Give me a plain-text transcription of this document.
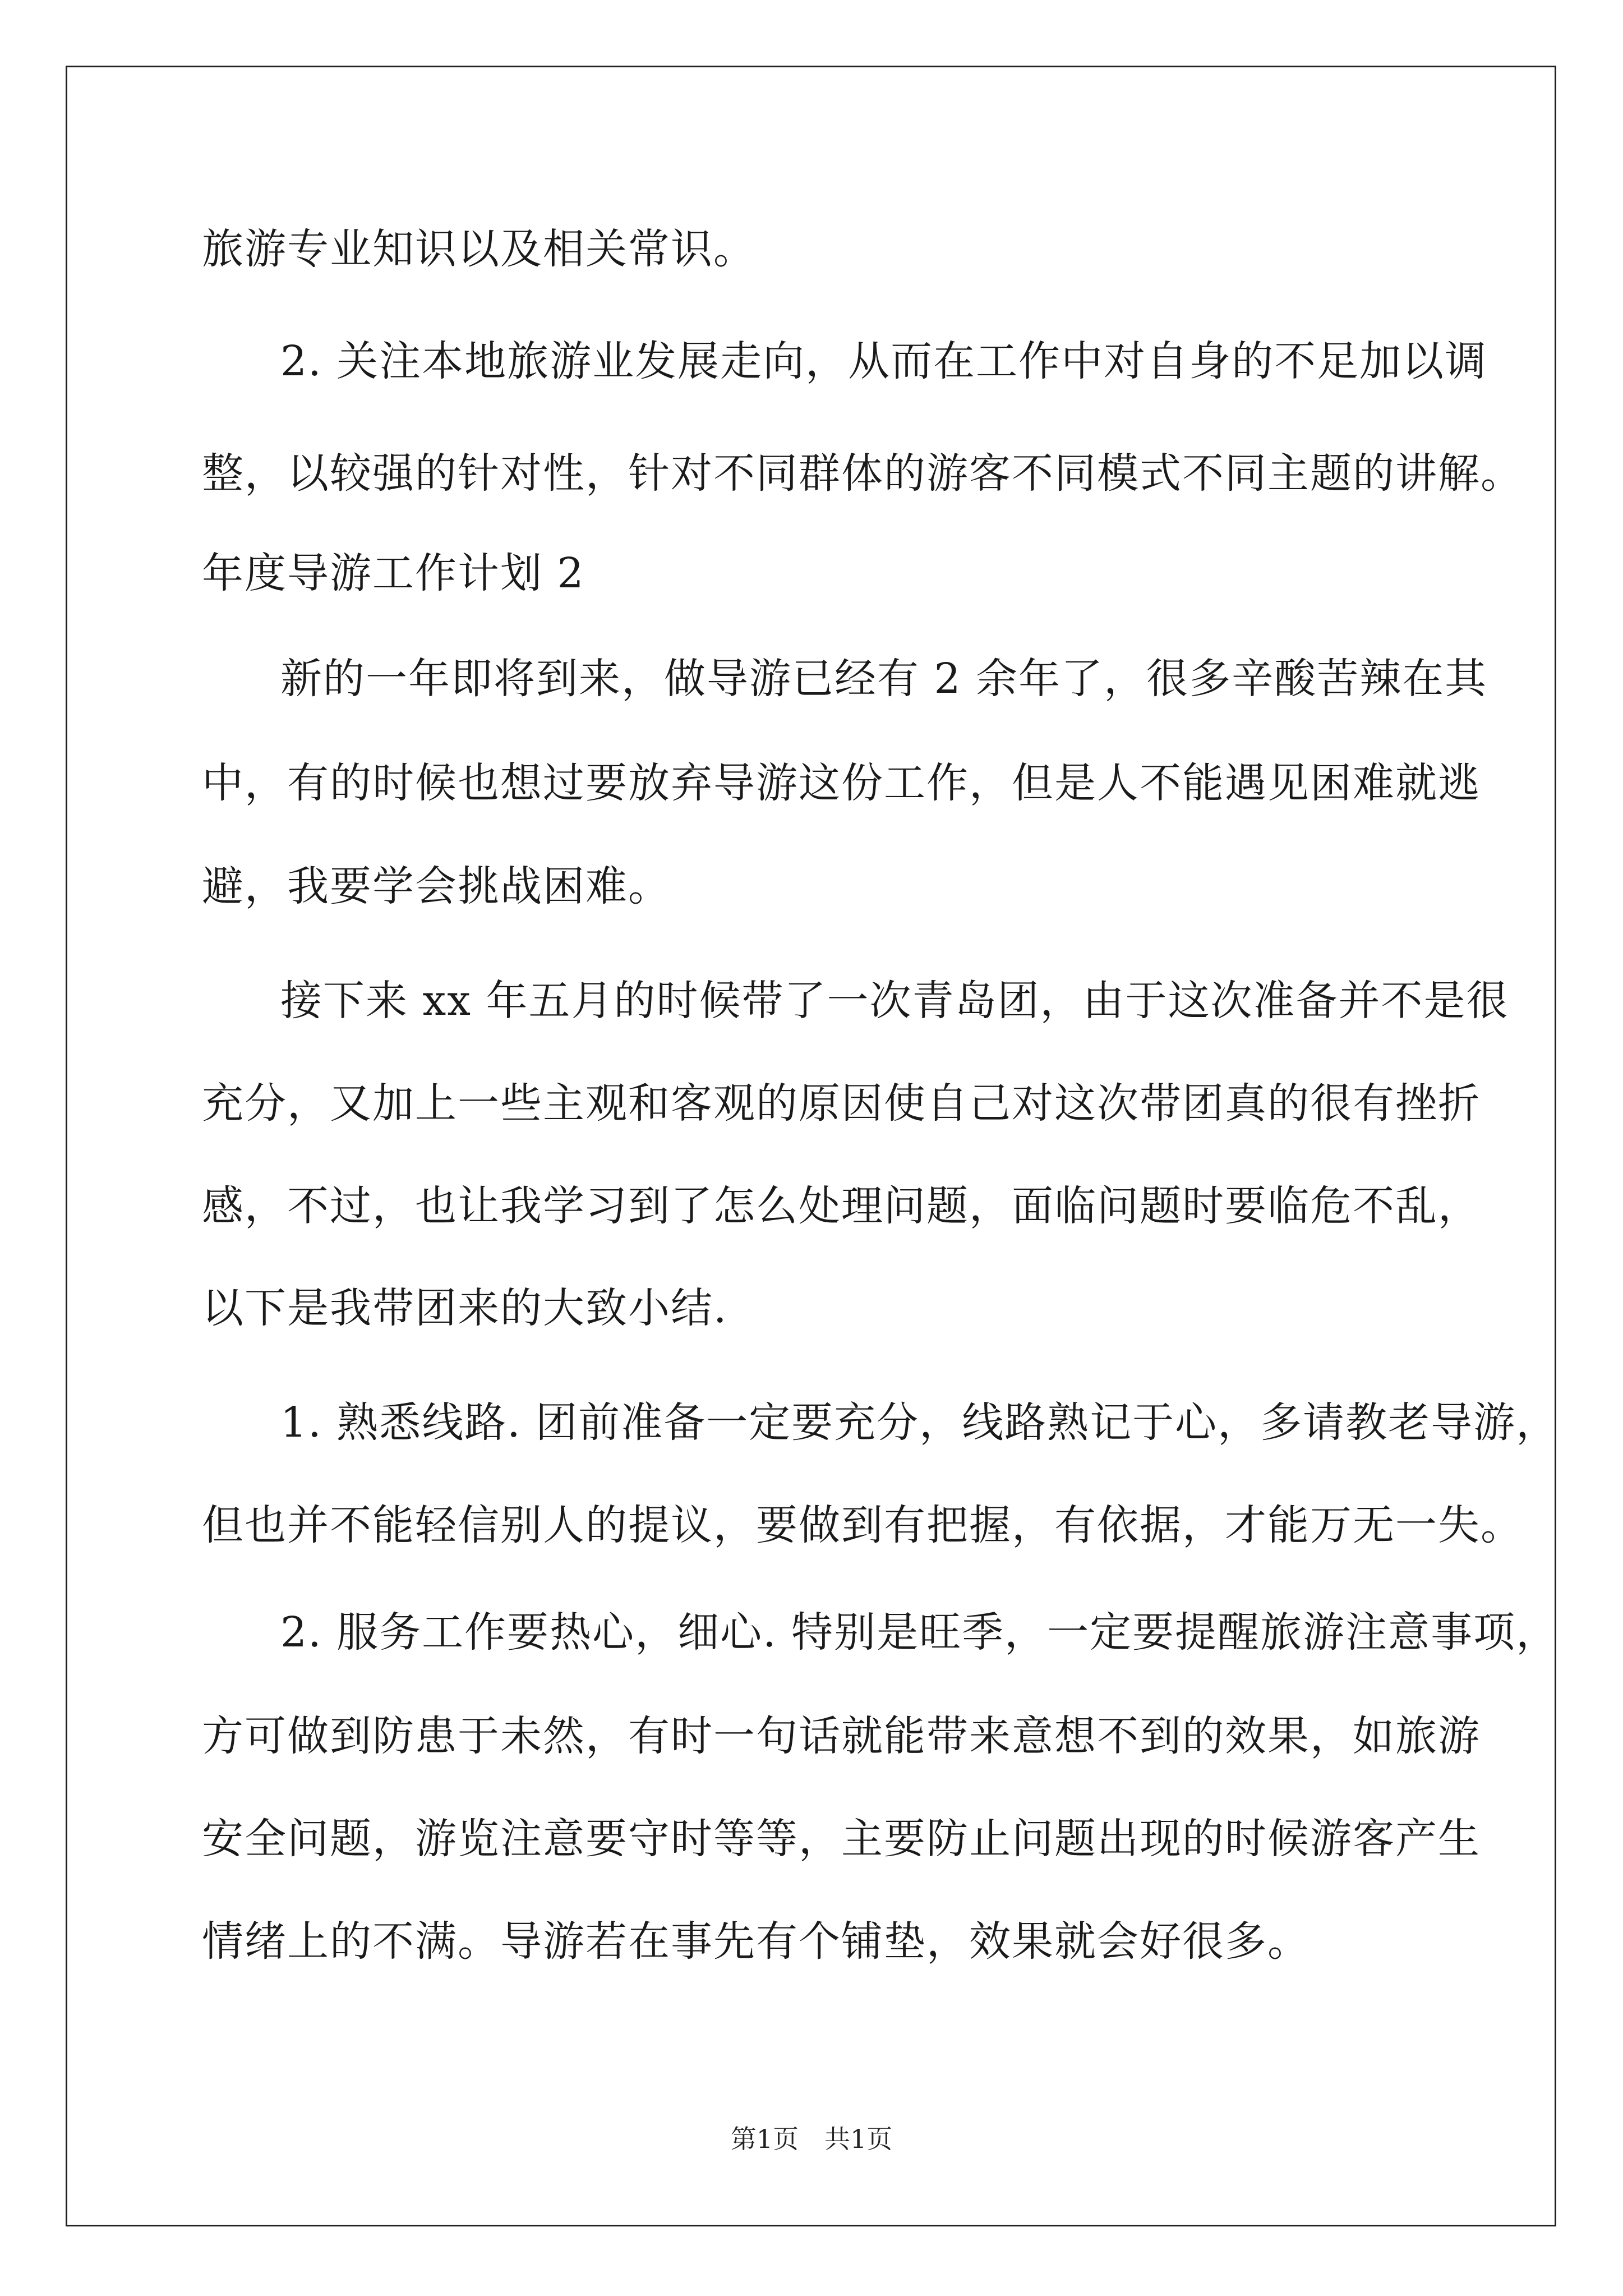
旅游专业知识以及相关常识。
2. 关注本地旅游业发展走向，从而在工作中对自身的不足加以调
整，以较强的针对性，针对不同群体的游客不同模式不同主题的讲解。
年度导游工作计划 2
新的一年即将到来，做导游已经有 2 余年了，很多辛酸苦辣在其
中，有的时候也想过要放弃导游这份工作，但是人不能遇见困难就逃
避，我要学会挑战困难。
接下来 xx 年五月的时候带了一次青岛团，由于这次准备并不是很
充分，又加上一些主观和客观的原因使自己对这次带团真的很有挫折
感，不过，也让我学习到了怎么处理问题，面临问题时要临危不乱，
以下是我带团来的大致小结.
1. 熟悉线路. 团前准备一定要充分，线路熟记于心，多请教老导游，
但也并不能轻信别人的提议，要做到有把握，有依据，才能万无一失。
2. 服务工作要热心，细心. 特别是旺季，一定要提醒旅游注意事项，
方可做到防患于未然，有时一句话就能带来意想不到的效果，如旅游
安全问题，游览注意要守时等等，主要防止问题出现的时候游客产生
情绪上的不满。导游若在事先有个铺垫，效果就会好很多。
第1页　共1页
